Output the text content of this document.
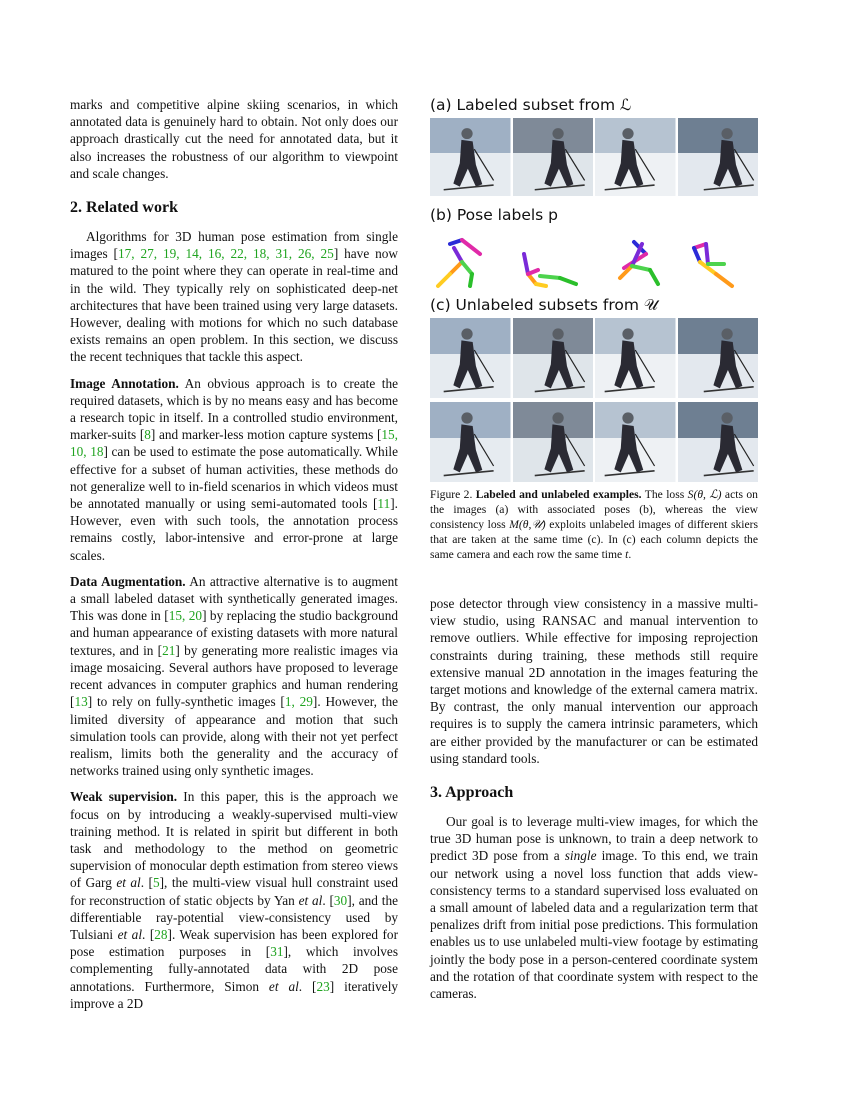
marks and competitive alpine skiing scenarios, in which annotated data is genuinely hard to obtain. Not only does our approach drastically cut the need for annotated data, but it also increases the robustness of our algorithm to viewpoint and scale changes.

2. Related work

Algorithms for 3D human pose estimation from single images [17, 27, 19, 14, 16, 22, 18, 31, 26, 25] have now matured to the point where they can operate in real-time and in the wild. They typically rely on sophisticated deep-net architectures that have been trained using very large datasets. However, dealing with motions for which no such database exists remains an open problem. In this section, we discuss the recent techniques that tackle this aspect.

Image Annotation. An obvious approach is to create the required datasets, which is by no means easy and has become a research topic in itself. In a controlled studio environment, marker-suits [8] and marker-less motion capture systems [15, 10, 18] can be used to estimate the pose automatically. While effective for a subset of human activities, these methods do not generalize well to in-field scenarios in which videos must be annotated manually or using semi-automated tools [11]. However, even with such tools, the annotation process remains costly, labor-intensive and error-prone at large scales.

Data Augmentation. An attractive alternative is to augment a small labeled dataset with synthetically generated images. This was done in [15, 20] by replacing the studio background and human appearance of existing datasets with more natural textures, and in [21] by generating more realistic images via image mosaicing. Several authors have proposed to leverage recent advances in computer graphics and human rendering [13] to rely on fully-synthetic images [1, 29]. However, the limited diversity of appearance and motion that such simulation tools can provide, along with their not yet perfect realism, limits both the generality and the accuracy of networks trained using only synthetic images.

Weak supervision. In this paper, this is the approach we focus on by introducing a weakly-supervised multi-view training method. It is related in spirit but different in both task and methodology to the method on geometric supervision of monocular depth estimation from stereo views of Garg et al. [5], the multi-view visual hull constraint used for reconstruction of static objects by Yan et al. [30], and the differentiable ray-potential view-consistency used by Tulsiani et al. [28]. Weak supervision has been explored for pose estimation purposes in [31], which involves complementing fully-annotated data with 2D pose annotations. Furthermore, Simon et al. [23] iteratively improve a 2D

(a) Labeled subset from ℒ
(b) Pose labels p
(c) Unlabeled subsets from 𝒰

Figure 2. Labeled and unlabeled examples. The loss S(θ, ℒ) acts on the images (a) with associated poses (b), whereas the view consistency loss M(θ,𝒰) exploits unlabeled images of different skiers that are taken at the same time (c). In (c) each column depicts the same camera and each row the same time t.

pose detector through view consistency in a massive multi-view studio, using RANSAC and manual intervention to remove outliers. While effective for imposing reprojection constraints during training, these methods still require extensive manual 2D annotation in the images featuring the target motions and knowledge of the external camera matrix. By contrast, the only manual intervention our approach requires is to supply the camera intrinsic parameters, which are either provided by the manufacturer or can be estimated using standard tools.

3. Approach

Our goal is to leverage multi-view images, for which the true 3D human pose is unknown, to train a deep network to predict 3D pose from a single image. To this end, we train our network using a novel loss function that adds view-consistency terms to a standard supervised loss evaluated on a small amount of labeled data and a regularization term that penalizes drift from initial pose predictions. This formulation enables us to use unlabeled multi-view footage by estimating jointly the body pose in a person-centered coordinate system and the rotation of that coordinate system with respect to the cameras.
